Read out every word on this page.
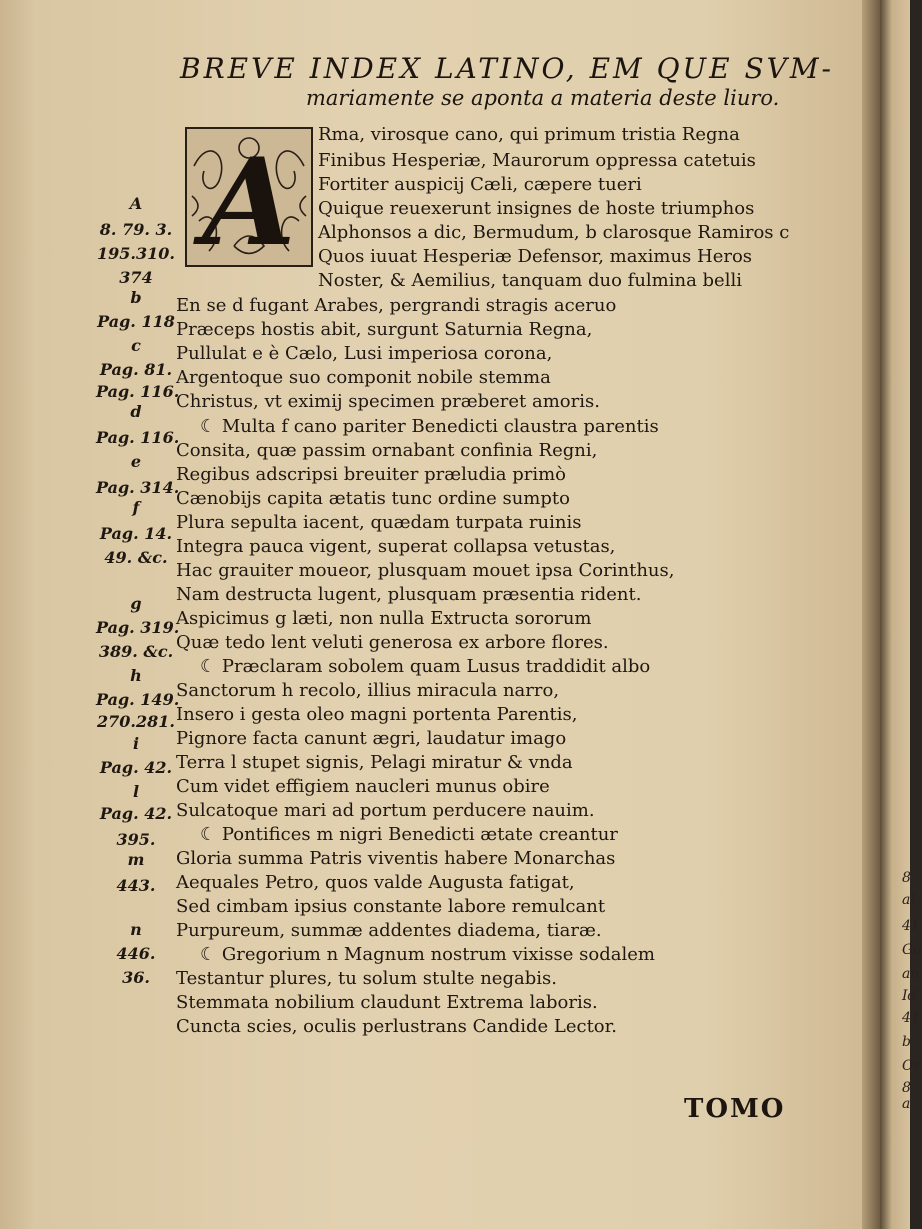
BREVE INDEX LATINO, EM QUE SVM-
mariamente se aponta a materia deste liuro.
A Rma, virosque cano, qui primum tristia Regna
Finibus Hesperiæ, Maurorum oppressa catetuis
Fortiter auspicij Cæli, cæpere tueri
Quique reuexerunt insignes de hoste triumphos
Alphonsos a dic, Bermudum, b clarosque Ramiros c
Quos iuuat Hesperiæ Defensor, maximus Heros
Noster, & Aemilius, tanquam duo fulmina belli
En se d fugant Arabes, pergrandi stragis aceruo
Præceps hostis abit, surgunt Saturnia Regna,
Pullulat e è Cælo, Lusi imperiosa corona,
Argentoque suo componit nobile stemma
Christus, vt eximij specimen præberet amoris.
☾ Multa f cano pariter Benedicti claustra parentis
Consita, quæ passim ornabant confinia Regni,
Regibus adscripsi breuiter præludia primò
Cænobijs capita ætatis tunc ordine sumpto
Plura sepulta iacent, quædam turpata ruinis
Integra pauca vigent, superat collapsa vetustas,
Hac grauiter moueor, plusquam mouet ipsa Corinthus,
Nam destructa lugent, plusquam præsentia rident.
Aspicimus g læti, non nulla Extructa sororum
Quæ tedo lent veluti generosa ex arbore flores.
☾ Præclaram sobolem quam Lusus traddidit albo
Sanctorum h recolo, illius miracula narro,
Insero i gesta oleo magni portenta Parentis,
Pignore facta canunt ægri, laudatur imago
Terra l stupet signis, Pelagi miratur & vnda
Cum videt effigiem naucleri munus obire
Sulcatoque mari ad portum perducere nauim.
☾ Pontifices m nigri Benedicti ætate creantur
Gloria summa Patris viventis habere Monarchas
Aequales Petro, quos valde Augusta fatigat,
Sed cimbam ipsius constante labore remulcant
Purpureum, summæ addentes diadema, tiaræ.
☾ Gregorium n Magnum nostrum vixisse sodalem
Testantur plures, tu solum stulte negabis.
Stemmata nobilium claudunt Extrema laboris.
Cuncta scies, oculis perlustrans Candide Lector.
A
8. 79. 3.
195.310.
374
b
Pag. 118
c
Pag. 81.
Pag. 116.
d
Pag. 116.
e
Pag. 314.
f
Pag. 14.
49. &c.
g
Pag. 319.
389. &c.
h
Pag. 149.
270.281.
i
Pag. 42.
l
Pag. 42.
395.
m
443.
n
446.
36.
TOMO
8
al
41
Go
an
Id
41
b
Or
8. a
